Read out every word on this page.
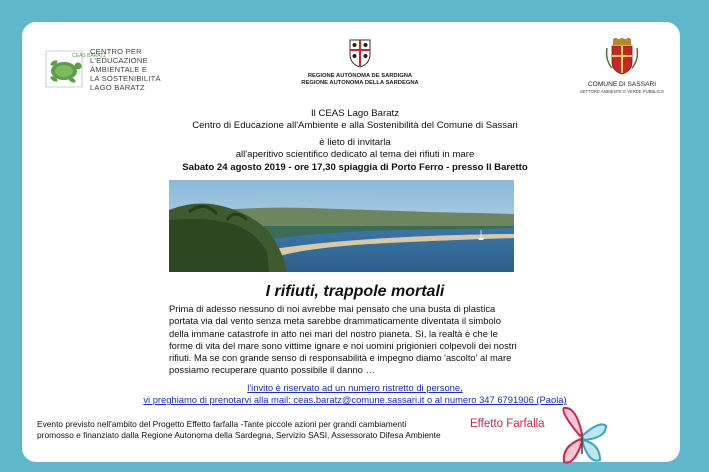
CEAS BARATZ
CENTRO PER
L'EDUCAZIONE
AMBIENTALE E
LA SOSTENIBILITÀ
LAGO BARATZ
REGIONE AUTÒNOMA DE SARDIGNA
REGIONE AUTONOMA DELLA SARDEGNA	COMUNE DI SASSARI
SETTORE AMBIENTE E VERDE PUBBLICO
Il CEAS Lago Baratz
Centro di Educazione all'Ambiente e alla Sostenibilità del Comune di Sassari
è lieto di invitarla
all'aperitivo scientifico dedicato al tema dei rifiuti in mare
Sabato 24 agosto 2019 - ore 17,30 spiaggia di Porto Ferro - presso Il Baretto
I rifiuti, trappole mortali
Prima di adesso nessuno di noi avrebbe mai pensato che una busta di plastica
portata via dal vento senza meta sarebbe drammaticamente diventata il simbolo
della immane catastrofe in atto nei mari del nostro pianeta. Sì, la realtà è che le
forme di vita del mare sono vittime ignare e noi uomini prigionieri colpevoli dei nostri
rifiuti. Ma se con grande senso di responsabilità e impegno diamo 'ascolto' al mare
possiamo recuperare quanto possibile il danno …
l'invito è riservato ad un numero ristretto di persone,
vi preghiamo di prenotarvi alla mail: ceas.baratz@comune.sassari.it o al numero 347 6791906 (Paola)
Evento previsto nell'ambito del Progetto Effetto farfalla -Tante piccole azioni per grandi cambiamenti
promosso e finanziato dalla Regione Autonoma della Sardegna, Servizio SASI, Assessorato Difesa Ambiente
Effetto Farfalla
